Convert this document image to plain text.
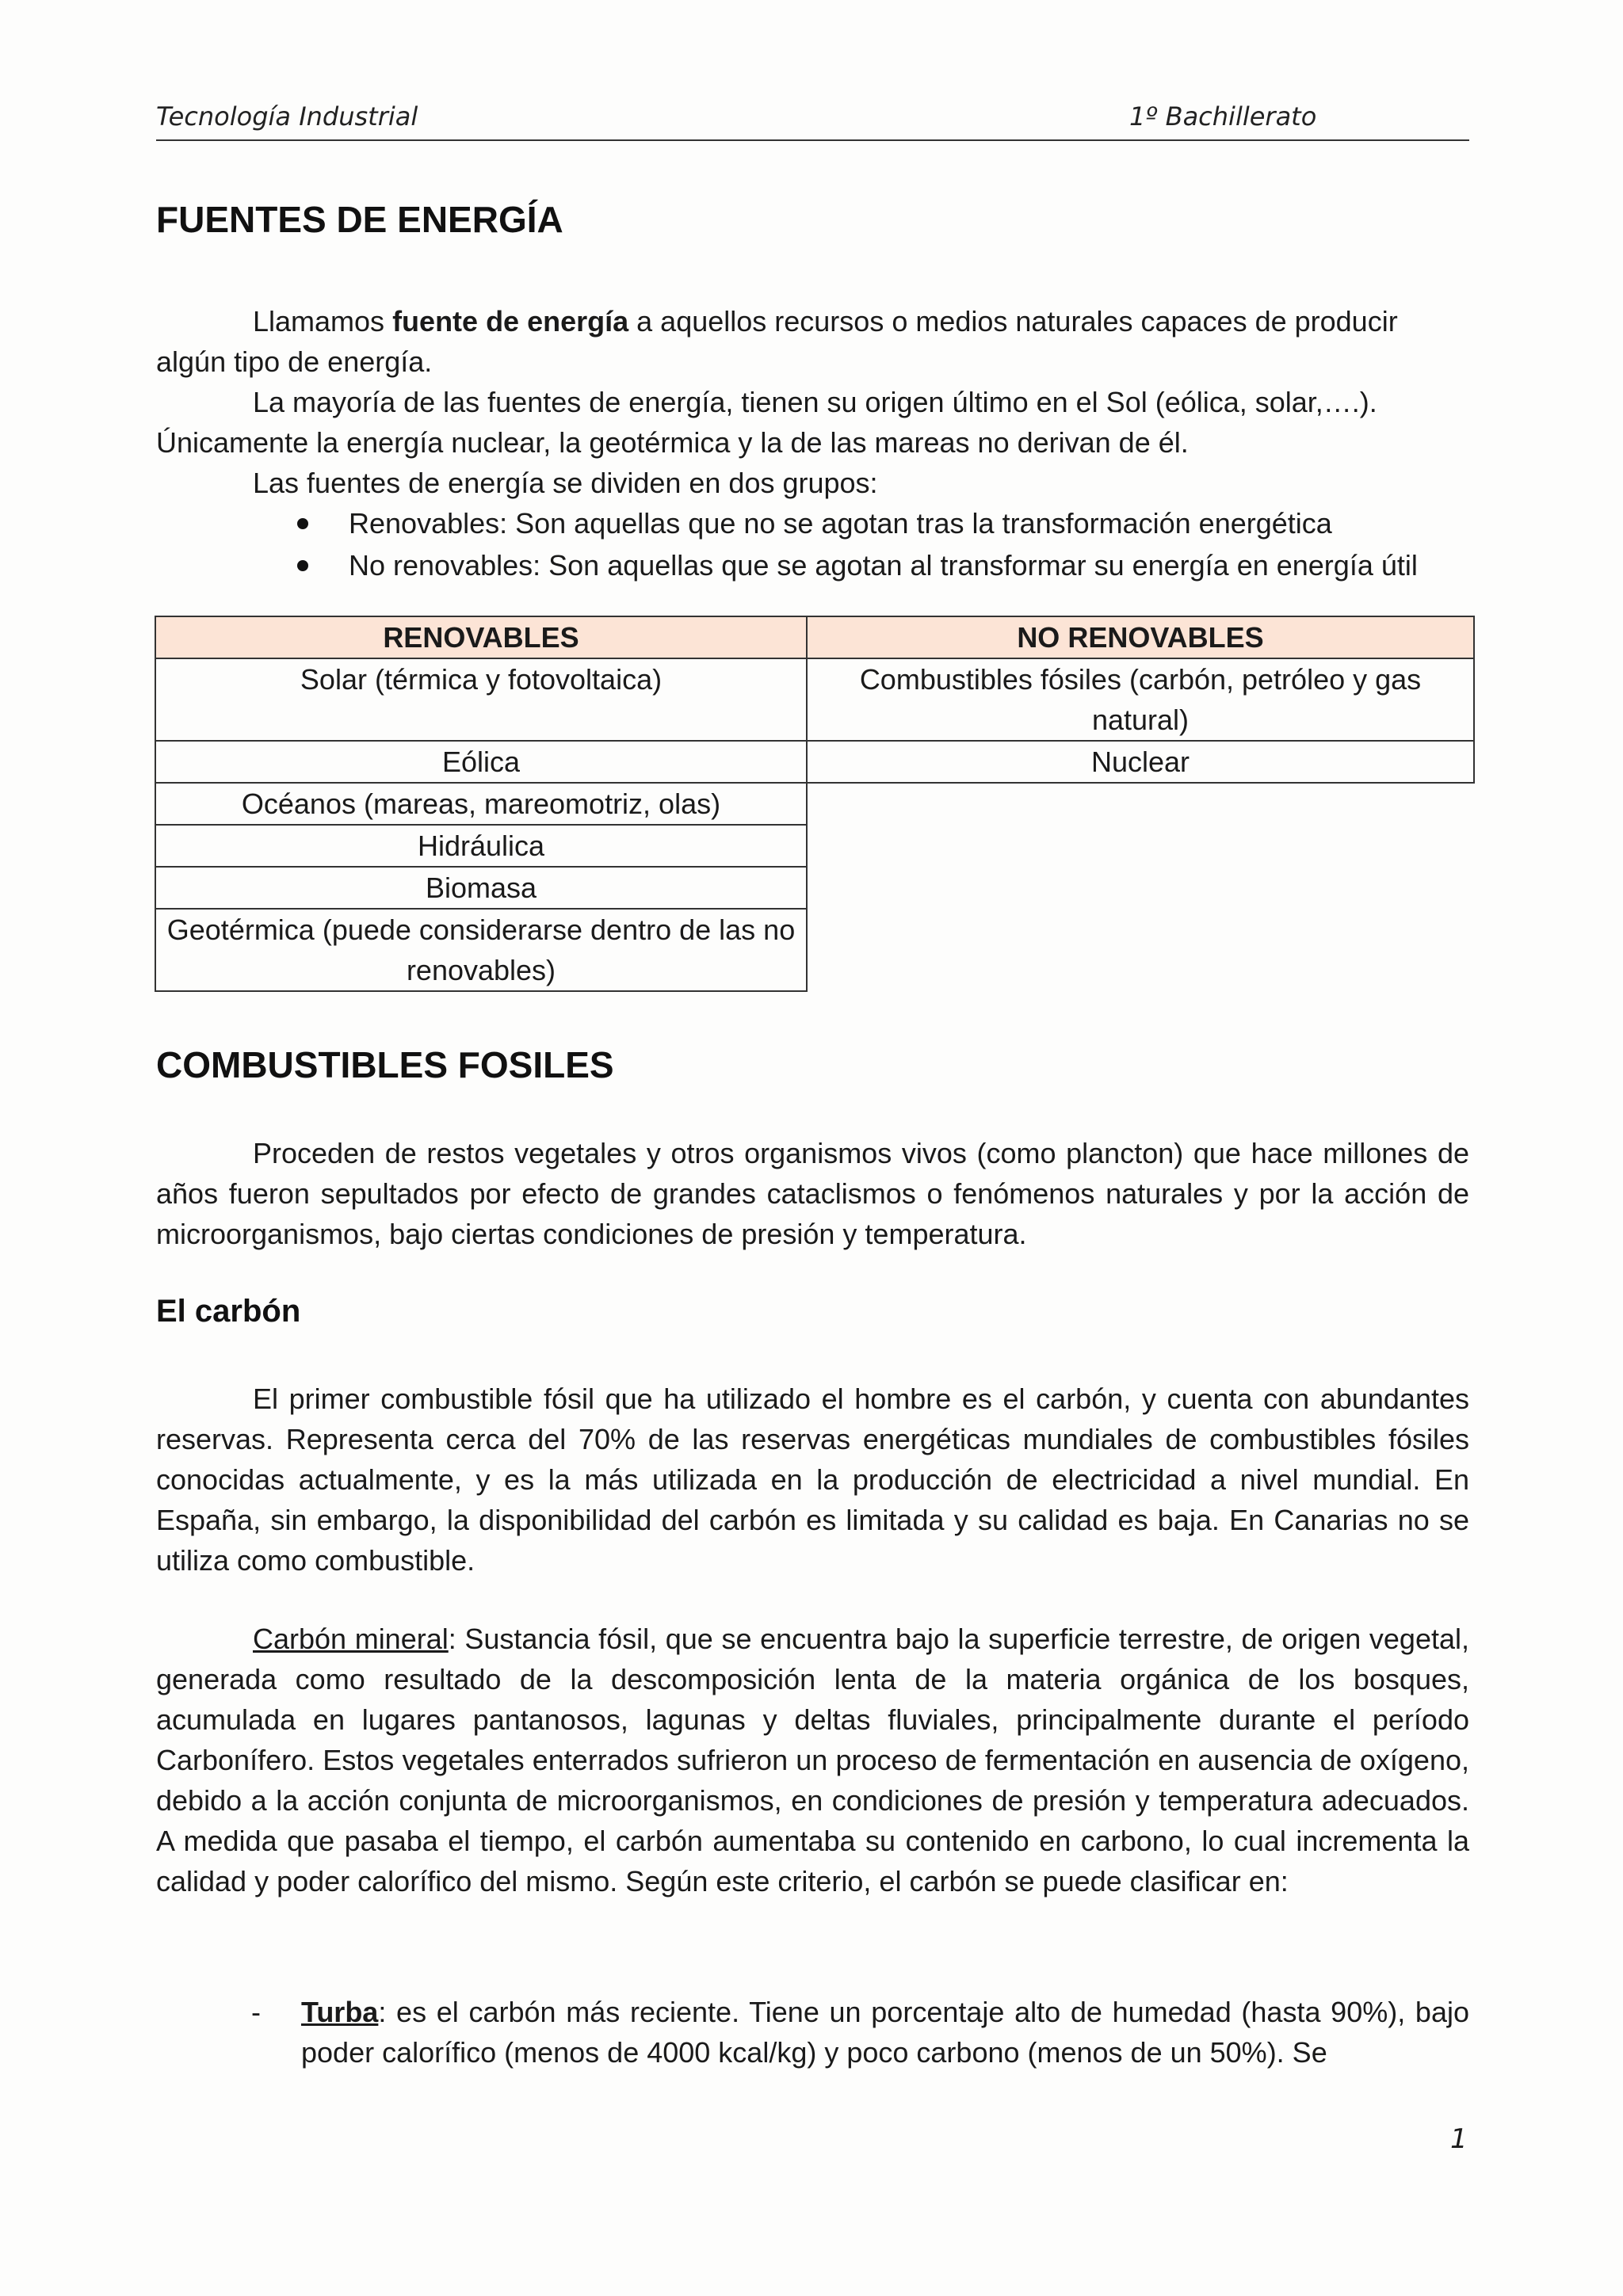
Tecnología Industrial	1º Bachillerato
FUENTES DE ENERGÍA

Llamamos fuente de energía a aquellos recursos o medios naturales capaces de producir algún tipo de energía.

La mayoría de las fuentes de energía, tienen su origen último en el Sol (eólica, solar,….). Únicamente la energía nuclear, la geotérmica y la de las mareas no derivan de él.

Las fuentes de energía se dividen en dos grupos:

Renovables: Son aquellas que no se agotan tras la transformación energética
No renovables: Son aquellas que se agotan al transformar su energía en energía útil
RENOVABLES	NO RENOVABLES
Solar (térmica y fotovoltaica)	Combustibles fósiles (carbón, petróleo y gas natural)
Eólica	Nuclear
Océanos (mareas, mareomotriz, olas)	
Hidráulica	
Biomasa	
Geotérmica (puede considerarse dentro de las no renovables)	
COMBUSTIBLES FOSILES

Proceden de restos vegetales y otros organismos vivos (como plancton) que hace millones de años fueron sepultados por efecto de grandes cataclismos o fenómenos naturales y por la acción de microorganismos, bajo ciertas condiciones de presión y temperatura.

El carbón

El primer combustible fósil que ha utilizado el hombre es el carbón, y cuenta con abundantes reservas. Representa cerca del 70% de las reservas energéticas mundiales de combustibles fósiles conocidas actualmente, y es la más utilizada en la producción de electricidad a nivel mundial. En España, sin embargo, la disponibilidad del carbón es limitada y su calidad es baja. En Canarias no se utiliza como combustible.

Carbón mineral: Sustancia fósil, que se encuentra bajo la superficie terrestre, de origen vegetal, generada como resultado de la descomposición lenta de la materia orgánica de los bosques, acumulada en lugares pantanosos, lagunas y deltas fluviales, principalmente durante el período Carbonífero. Estos vegetales enterrados sufrieron un proceso de fermentación en ausencia de oxígeno, debido a la acción conjunta de microorganismos, en condiciones de presión y temperatura adecuados. A medida que pasaba el tiempo, el carbón aumentaba su contenido en carbono, lo cual incrementa la calidad y poder calorífico del mismo. Según este criterio, el carbón se puede clasificar en:

- Turba: es el carbón más reciente. Tiene un porcentaje alto de humedad (hasta 90%), bajo poder calorífico (menos de 4000 kcal/kg) y poco carbono (menos de un 50%). Se
1
